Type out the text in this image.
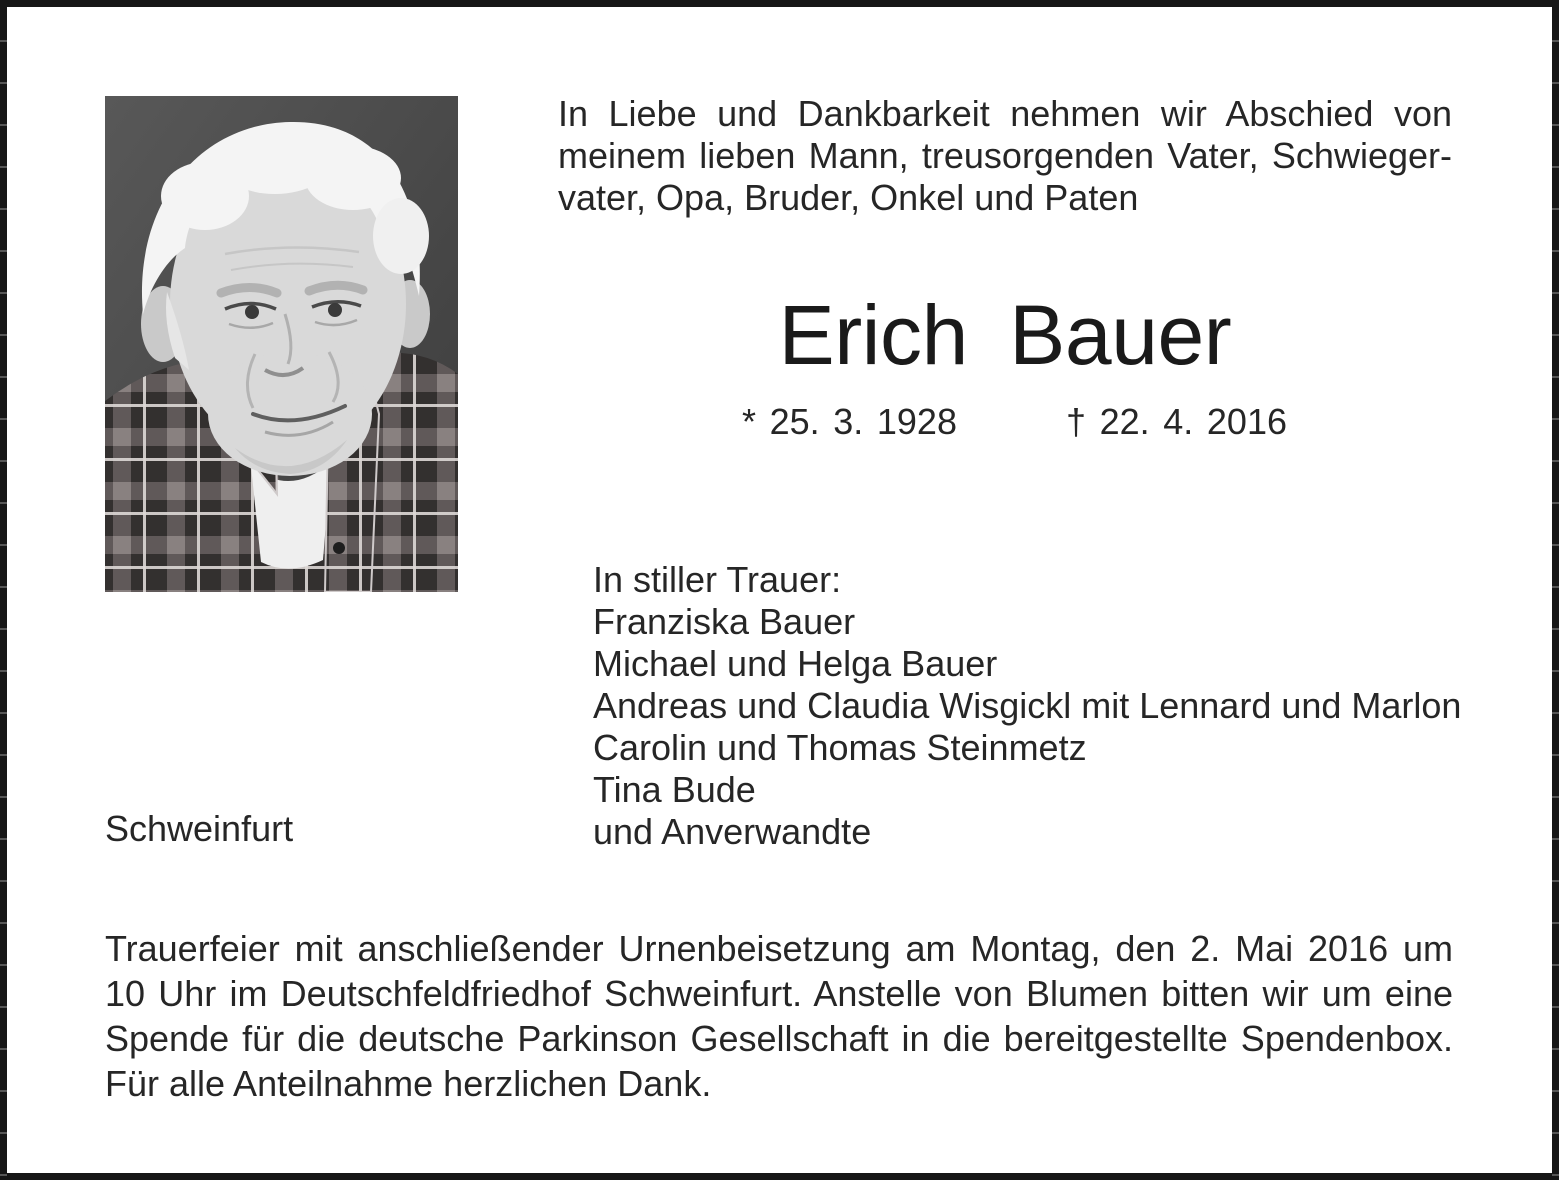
In Liebe und Dankbarkeit nehmen wir Abschied von
meinem lieben Mann, treusorgenden Vater, Schwieger-
vater, Opa, Bruder, Onkel und Paten
Erich Bauer
* 25. 3. 1928	† 22. 4. 2016
In stiller Trauer:
Franziska Bauer
Michael und Helga Bauer
Andreas und Claudia Wisgickl mit Lennard und Marlon
Carolin und Thomas Steinmetz
Tina Bude
und Anverwandte
Schweinfurt
Trauerfeier mit anschließender Urnenbeisetzung am Montag, den 2. Mai 2016 um
10 Uhr im Deutschfeldfriedhof Schweinfurt. Anstelle von Blumen bitten wir um eine
Spende für die deutsche Parkinson Gesellschaft in die bereitgestellte Spendenbox.
Für alle Anteilnahme herzlichen Dank.
